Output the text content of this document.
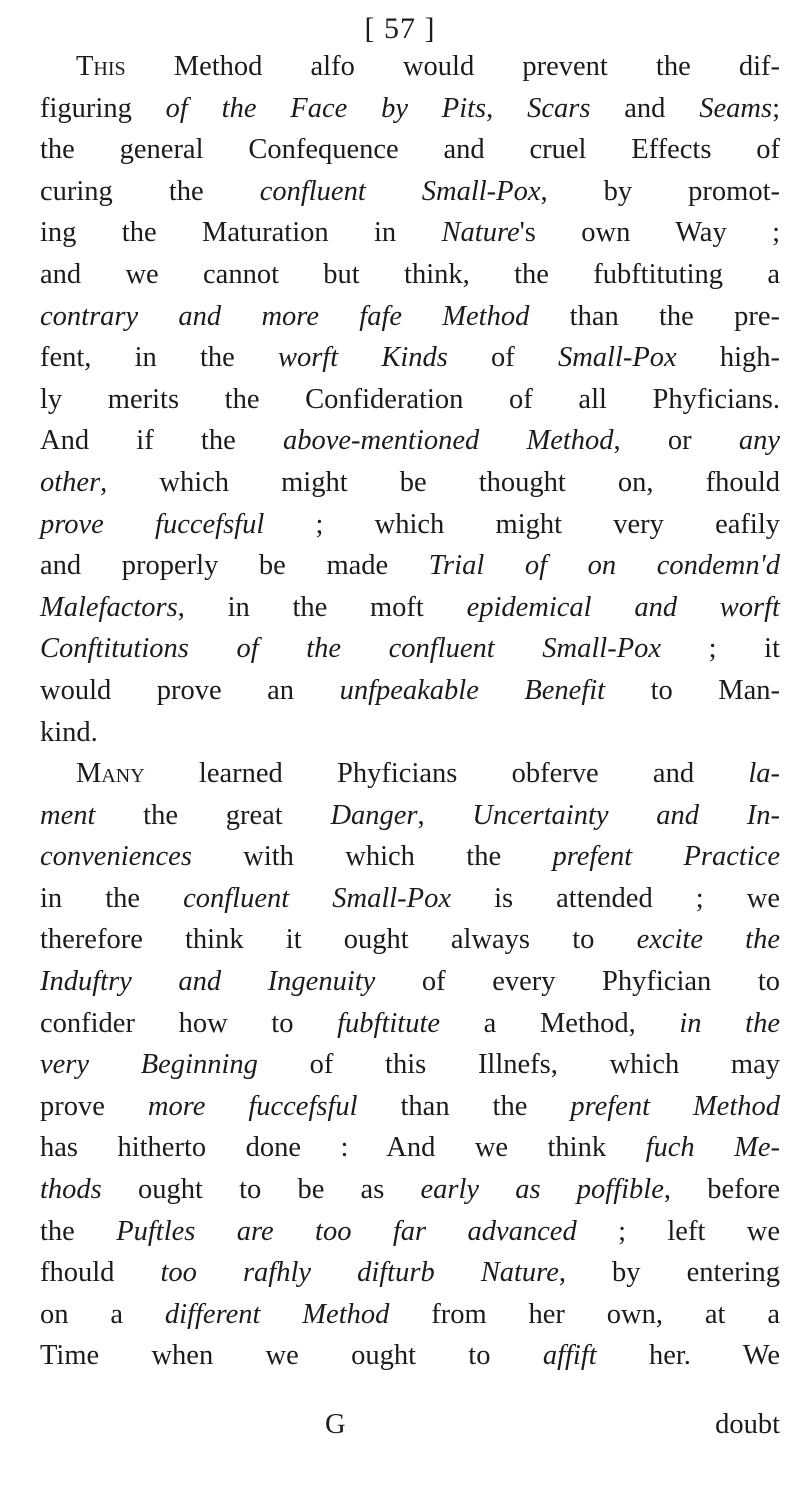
[ 57 ]
This Method alfo would prevent the dif-
figuring of the Face by Pits, Scars and Seams;
the general Confequence and cruel Effects of
curing the confluent Small-Pox, by promot-
ing the Maturation in Nature's own Way ;
and we cannot but think, the fubftituting a
contrary and more fafe Method than the pre-
fent, in the worft Kinds of Small-Pox high-
ly merits the Confideration of all Phyficians.
And if the above-mentioned Method, or any
other, which might be thought on, fhould
prove fuccefsful ; which might very eafily
and properly be made Trial of on condemn'd
Malefactors, in the moft epidemical and worft
Conftitutions of the confluent Small-Pox ; it
would prove an unfpeakable Benefit to Man-
kind.
Many learned Phyficians obferve and la-
ment the great Danger, Uncertainty and In-
conveniences with which the prefent Practice
in the confluent Small-Pox is attended ; we
therefore think it ought always to excite the
Induftry and Ingenuity of every Phyfician to
confider how to fubftitute a Method, in the
very Beginning of this Illnefs, which may
prove more fuccefsful than the prefent Method
has hitherto done : And we think fuch Me-
thods ought to be as early as poffible, before
the Puftles are too far advanced ; left we
fhould too rafhly difturb Nature, by entering
on a different Method from her own, at a
Time when we ought to affift her. We
G	doubt
